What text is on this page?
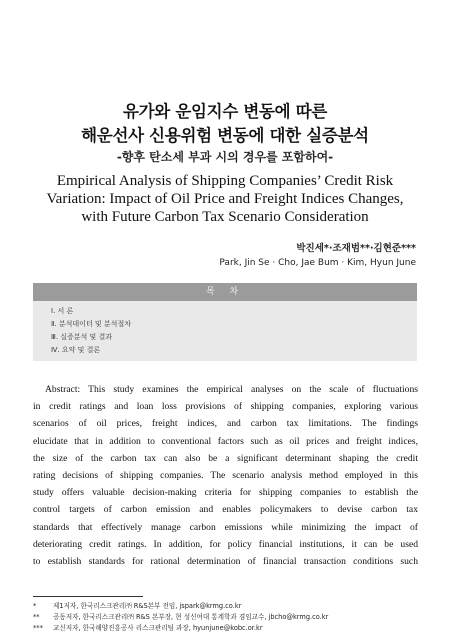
유가와 운임지수 변동에 따른
해운선사 신용위험 변동에 대한 실증분석
-향후 탄소세 부과 시의 경우를 포함하여-
Empirical Analysis of Shipping Companies’ Credit Risk
Variation: Impact of Oil Price and Freight Indices Changes,
with Future Carbon Tax Scenario Consideration
박진세*·조재범**·김현준***
Park, Jin Se · Cho, Jae Bum · Kim, Hyun June
목 차
Ⅰ. 서 론
Ⅱ. 분석데이터 및 분석절차
Ⅲ. 실증분석 및 결과
Ⅳ. 요약 및 결론
Abstract: This study examines the empirical analyses on the scale of fluctuations
in credit ratings and loan loss provisions of shipping companies, exploring various
scenarios of oil prices, freight indices, and carbon tax limitations. The findings
elucidate that in addition to conventional factors such as oil prices and freight indices,
the size of the carbon tax can also be a significant determinant shaping the credit
rating decisions of shipping companies. The scenario analysis method employed in this
study offers valuable decision-making criteria for shipping companies to establish the
control targets of carbon emission and enables policymakers to devise carbon tax
standards that effectively manage carbon emissions while minimizing the impact of
deteriorating credit ratings. In addition, for policy financial institutions, it can be used
to establish standards for rational determination of financial transaction conditions such
*	제1저자, 한국리스크관리㈜ R&S본부 전임, jspark@krmg.co.kr
** 공동저자, 한국리스크관리㈜ R&S 본부장, 현 성신여대 통계학과 겸임교수, jbcho@krmg.co.kr
*** 교신저자, 한국해양진흥공사 리스크관리팀 과장, hyunjune@kobc.or.kr
